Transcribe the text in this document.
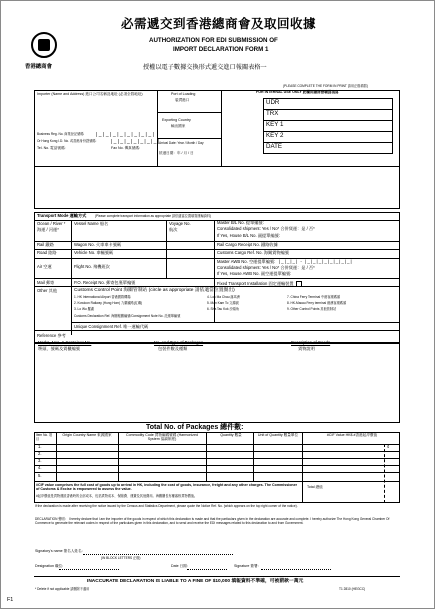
香港總商會
必需遞交到香港總商會及取回收據
AUTHORIZATION FOR EDI SUBMISSION OF
IMPORT DECLARATION FORM 1
授權以電子數據交換形式遞交進口報關表格一
(PLEASE COMPLETE THE FORM IN PRINT 請用正楷填寫)
Importer (Name and Address) 進口公司名稱及地址 (必須全寫地址)
Business Reg. No. 商業登記號碼: |_|_|_|_|_|_|_|_|
Or Hong Kong I.D. No. 或香港身份證號碼:	|_|_|_|_|_|_|_|
Tel. No. 電話號碼:	Fax No. 傳真號碼:
Port of Loading
裝貨港口
Exporting Country
輸出國家
Arrival Date: Year / Month / Day
抵港日期：年 / 月 / 日
FOR INTERNAL USE ONLY 此欄由總商會職員填寫
UDR
TRX
KEY 1
KEY 2
DATE
Transport Mode 運輸方式	(Please complete transport information as appropriate 請依適當位置填寫運輸資料)
Ocean / River *
海運 / 河運*
Vessel Name 船名	Voyage No.
航次
Master B/L No. 提單編號:
Consolidated shipment: Yes / No* 合併貨運：是 / 否*
If Yes, House B/L No. 副提單編號:
Rail 鐵路	Wagon No. 火車車卡號碼	Rail Cargo Receipt No. 鐵路收據
Road 陸路	Vehicle No. 車輛號碼	Customs Cargo Ref. No. 海關貨物編號
Air 空運	Flight No. 飛機班次
Master AWB No. 空運提單編號: |_|_|_| - |_|_|_|_|_|_|_|_|
Consolidated shipment: Yes / No* 合併貨運：是 / 否*
If Yes, House AWB No. 副空運提單編號:
Mail 郵寄	P.O. Receipt No. 郵寄包裹單編號	Fixed Transport Installation 固定運輸裝置
Other 其他	Customs Control Point 海關管制站 (circle as appropriate 請依適當位置圈出)
1. HK International Airport 香港國際機場	4. Lok Ma Chau 落馬洲	7. China Ferry Terminal 中港客運碼頭
2. Kowloon Railway (Hung Hom) 九廣鐵路(紅磡)	5. Man Kam To 文錦渡	8. HK-Macau Ferry terminal 港澳客運碼頭
3. Lo Wu 羅湖	6. Sha Tau Kok 沙頭角	9. Other Control Points 其他管制站
Customs Declaration Ref. 海關報關編號/Consignment Note No. 託運單編號
Unique Consignment Ref. 唯一運輸代碼
Reference 參考
Marks, Nos. & Container No.
嘜頭、號碼及貨櫃編號
No. and Type of Packages
包裝件數及種類
Description of Goods
貨物說明
Total No. of Packages 總件數:
Item No. 項目
Origin Country Name 來源國家	Commodity Code 貨物編碼號碼 (Harmonized System 協調制度)
Quantity 數量	Unit of Quantity 數量單位	#CIF Value HK$ #香港起岸價值
1.
2.
3.
4.
5.
¢
#CIF value comprises the full cost of goods up to arrival in HK, including the cost of goods, insurance, freight and any other charges. The Commissioner of Customs & Excise is empowered to assess the value.
#起岸價值是貨物運抵香港時的全部成本，包括貨物成本、保險費、運費及其他費用。海關關長有權審核貨物價值。
Total 總值
If the declaration is made after receiving the notice issued by the Census and Statistics Department, please quote the Notice Ref. No. (which appears on the top right corner of the notice).
DECLARATION 聲明： I hereby declare that I am the importer of the goods in respect of which this declaration is made and that the particulars given in the declaration are accurate and complete. I hereby authorize The Hong Kong General Chamber Of Commerce to generate the relevant codes in respect of the particulars given in this declaration, and to send and receive the EDI messages related to this declaration to and from Government.
Signatory's name 簽名人姓名:
(IN BLOCK LETTERS 正楷)
Designation 職位:	Date 日期:	Signature 簽署:
INACCURATE DECLARATION IS LIABLE TO A FINE OF $10,000 填報資料不準確，可被罰款一萬元
* Delete if not applicable 請刪除不適用	T1 2810 (HEGCC)
F1
